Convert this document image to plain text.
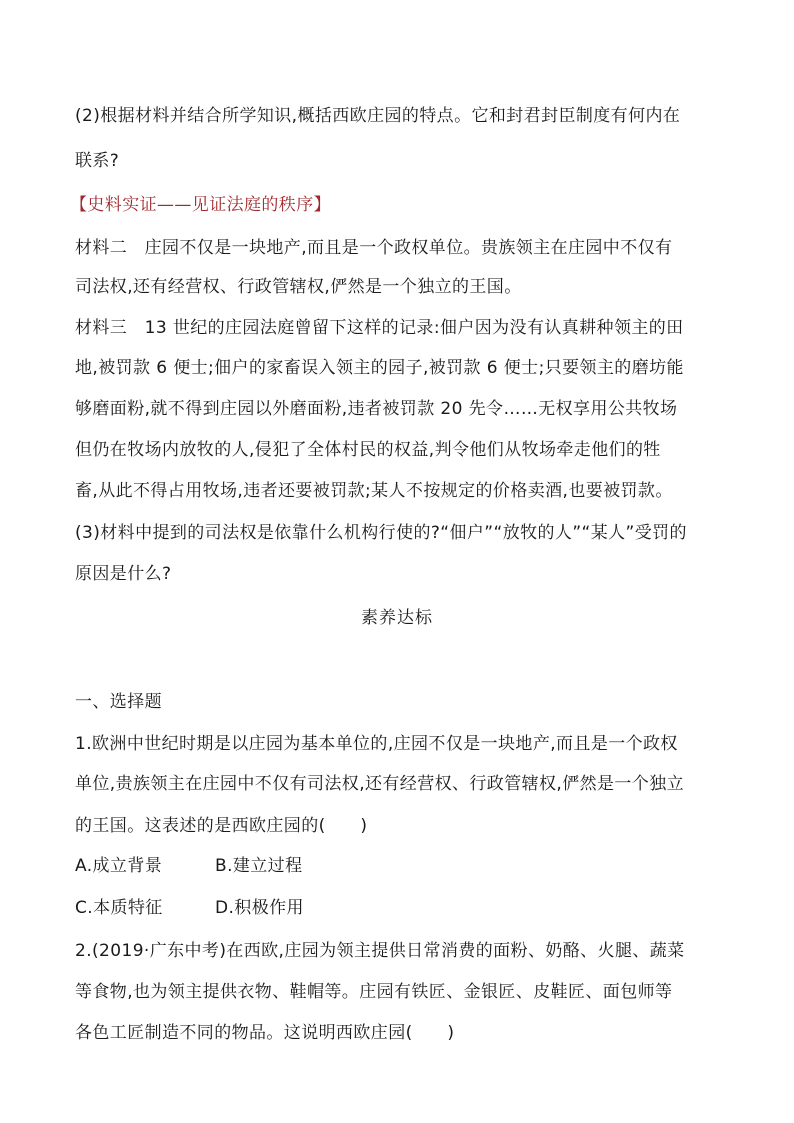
(2)根据材料并结合所学知识,概括西欧庄园的特点。它和封君封臣制度有何内在
联系?
【史料实证——见证法庭的秩序】
材料二　庄园不仅是一块地产,而且是一个政权单位。贵族领主在庄园中不仅有
司法权,还有经营权、行政管辖权,俨然是一个独立的王国。
材料三　13 世纪的庄园法庭曾留下这样的记录:佃户因为没有认真耕种领主的田
地,被罚款 6 便士;佃户的家畜误入领主的园子,被罚款 6 便士;只要领主的磨坊能
够磨面粉,就不得到庄园以外磨面粉,违者被罚款 20 先令……无权享用公共牧场
但仍在牧场内放牧的人,侵犯了全体村民的权益,判令他们从牧场牵走他们的牲
畜,从此不得占用牧场,违者还要被罚款;某人不按规定的价格卖酒,也要被罚款。
(3)材料中提到的司法权是依靠什么机构行使的?“佃户”“放牧的人”“某人”受罚的
原因是什么?
素养达标
一、选择题
1.欧洲中世纪时期是以庄园为基本单位的,庄园不仅是一块地产,而且是一个政权
单位,贵族领主在庄园中不仅有司法权,还有经营权、行政管辖权,俨然是一个独立
的王国。这表述的是西欧庄园的(　　)
A.成立背景	B.建立过程
C.本质特征	D.积极作用
2.(2019·广东中考)在西欧,庄园为领主提供日常消费的面粉、奶酪、火腿、蔬菜
等食物,也为领主提供衣物、鞋帽等。庄园有铁匠、金银匠、皮鞋匠、面包师等
各色工匠制造不同的物品。这说明西欧庄园(　　)
